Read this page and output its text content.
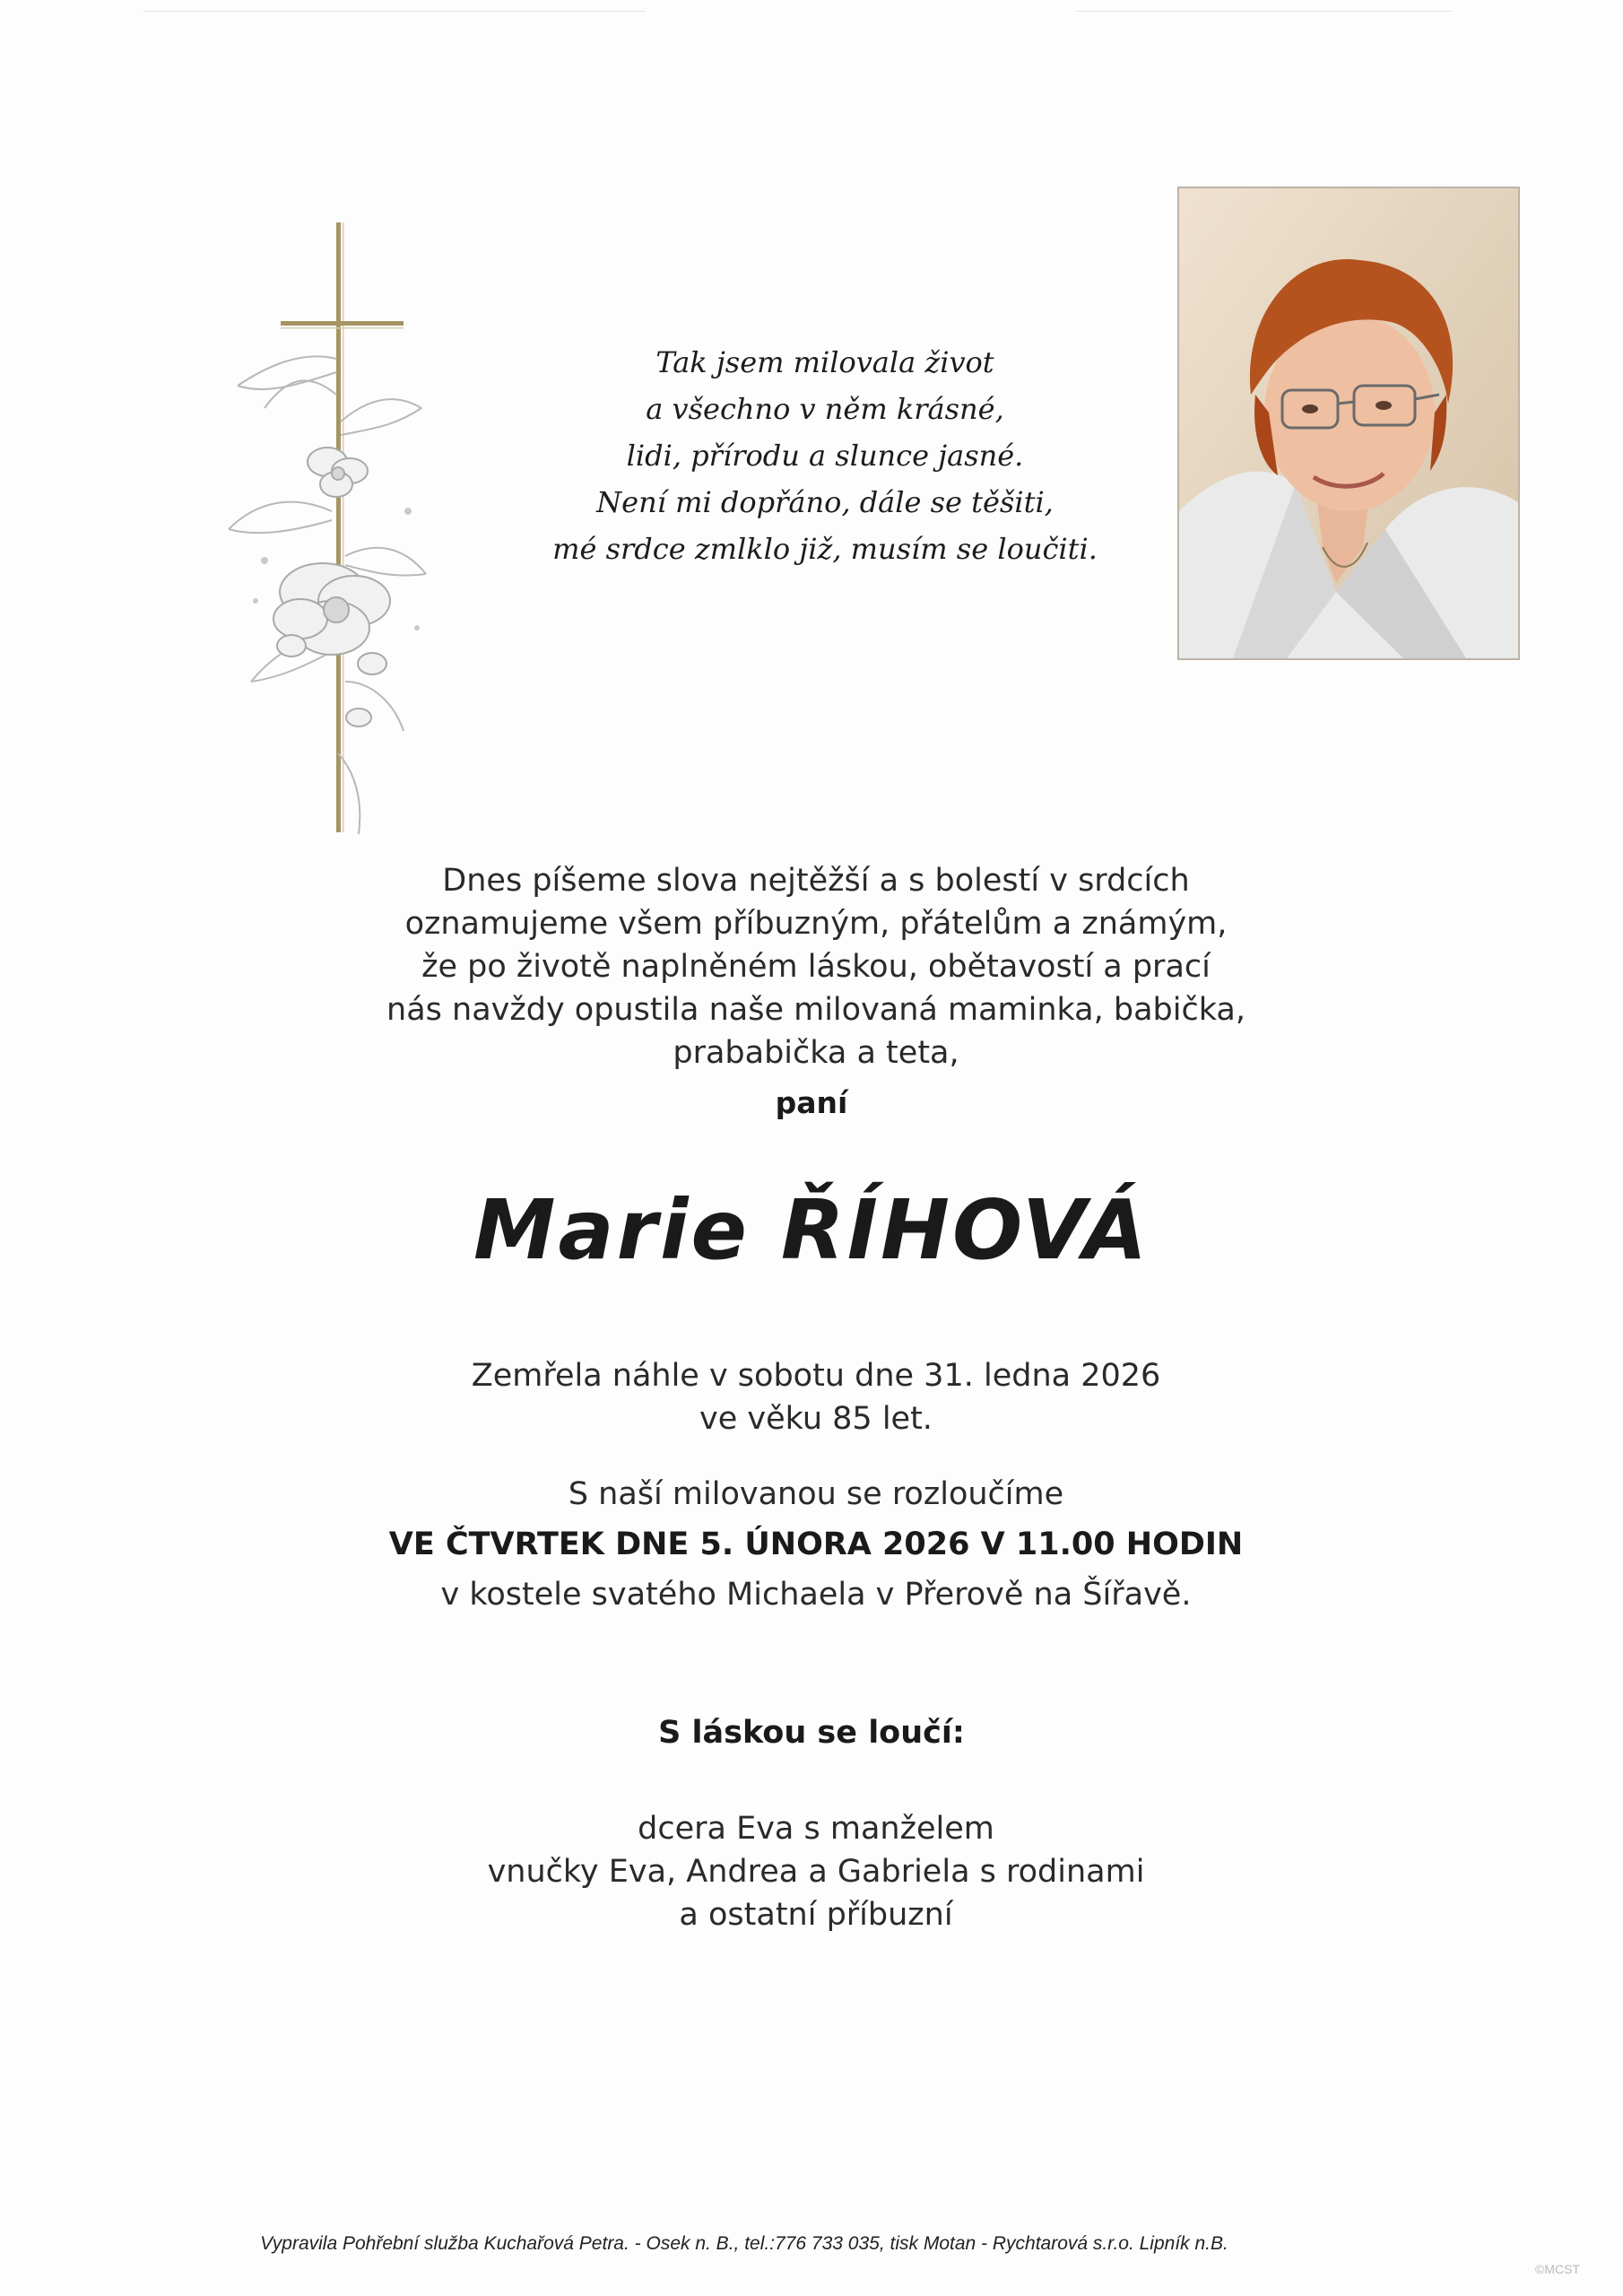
Tak jsem milovala život
a všechno v něm krásné,
lidi, přírodu a slunce jasné.
Není mi dopřáno, dále se těšiti,
mé srdce zmlklo již, musím se loučiti.
Dnes píšeme slova nejtěžší a s bolestí v srdcích
oznamujeme všem příbuzným, přátelům a známým,
že po životě naplněném láskou, obětavostí a prací
nás navždy opustila naše milovaná maminka, babička,
prababička a teta,
paní
Marie ŘÍHOVÁ
Zemřela náhle v sobotu dne 31. ledna 2026
ve věku 85 let.
S naší milovanou se rozloučíme
VE ČTVRTEK DNE 5. ÚNORA 2026 V 11.00 HODIN
v kostele svatého Michaela v Přerově na Šířavě.
S láskou se loučí:
dcera Eva s manželem
vnučky Eva, Andrea a Gabriela s rodinami
a ostatní příbuzní
Vypravila Pohřební služba Kuchařová Petra. - Osek n. B., tel.:776 733 035, tisk Motan - Rychtarová s.r.o. Lipník n.B.
©MCST
